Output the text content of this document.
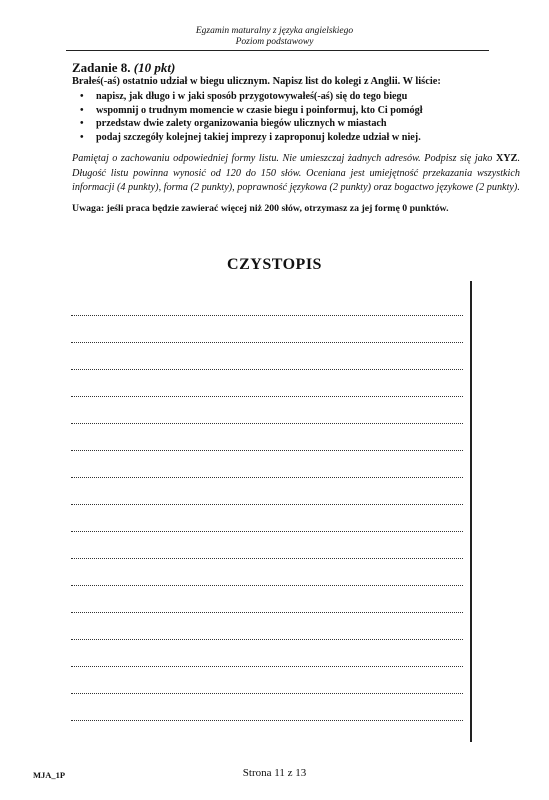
Egzamin maturalny z języka angielskiego
Poziom podstawowy
Zadanie 8. (10 pkt)
Brałeś(-aś) ostatnio udział w biegu ulicznym. Napisz list do kolegi z Anglii. W liście:
• napisz, jak długo i w jaki sposób przygotowywałeś(-aś) się do tego biegu
• wspomnij o trudnym momencie w czasie biegu i poinformuj, kto Ci pomógł
• przedstaw dwie zalety organizowania biegów ulicznych w miastach
• podaj szczegóły kolejnej takiej imprezy i zaproponuj koledze udział w niej.
Pamiętaj o zachowaniu odpowiedniej formy listu. Nie umieszczaj żadnych adresów. Podpisz się jako XYZ. Długość listu powinna wynosić od 120 do 150 słów. Oceniana jest umiejętność przekazania wszystkich informacji (4 punkty), forma (2 punkty), poprawność językowa (2 punkty) oraz bogactwo językowe (2 punkty).
Uwaga: jeśli praca będzie zawierać więcej niż 200 słów, otrzymasz za jej formę 0 punktów.
CZYSTOPIS
MJA_1P	Strona 11 z 13
